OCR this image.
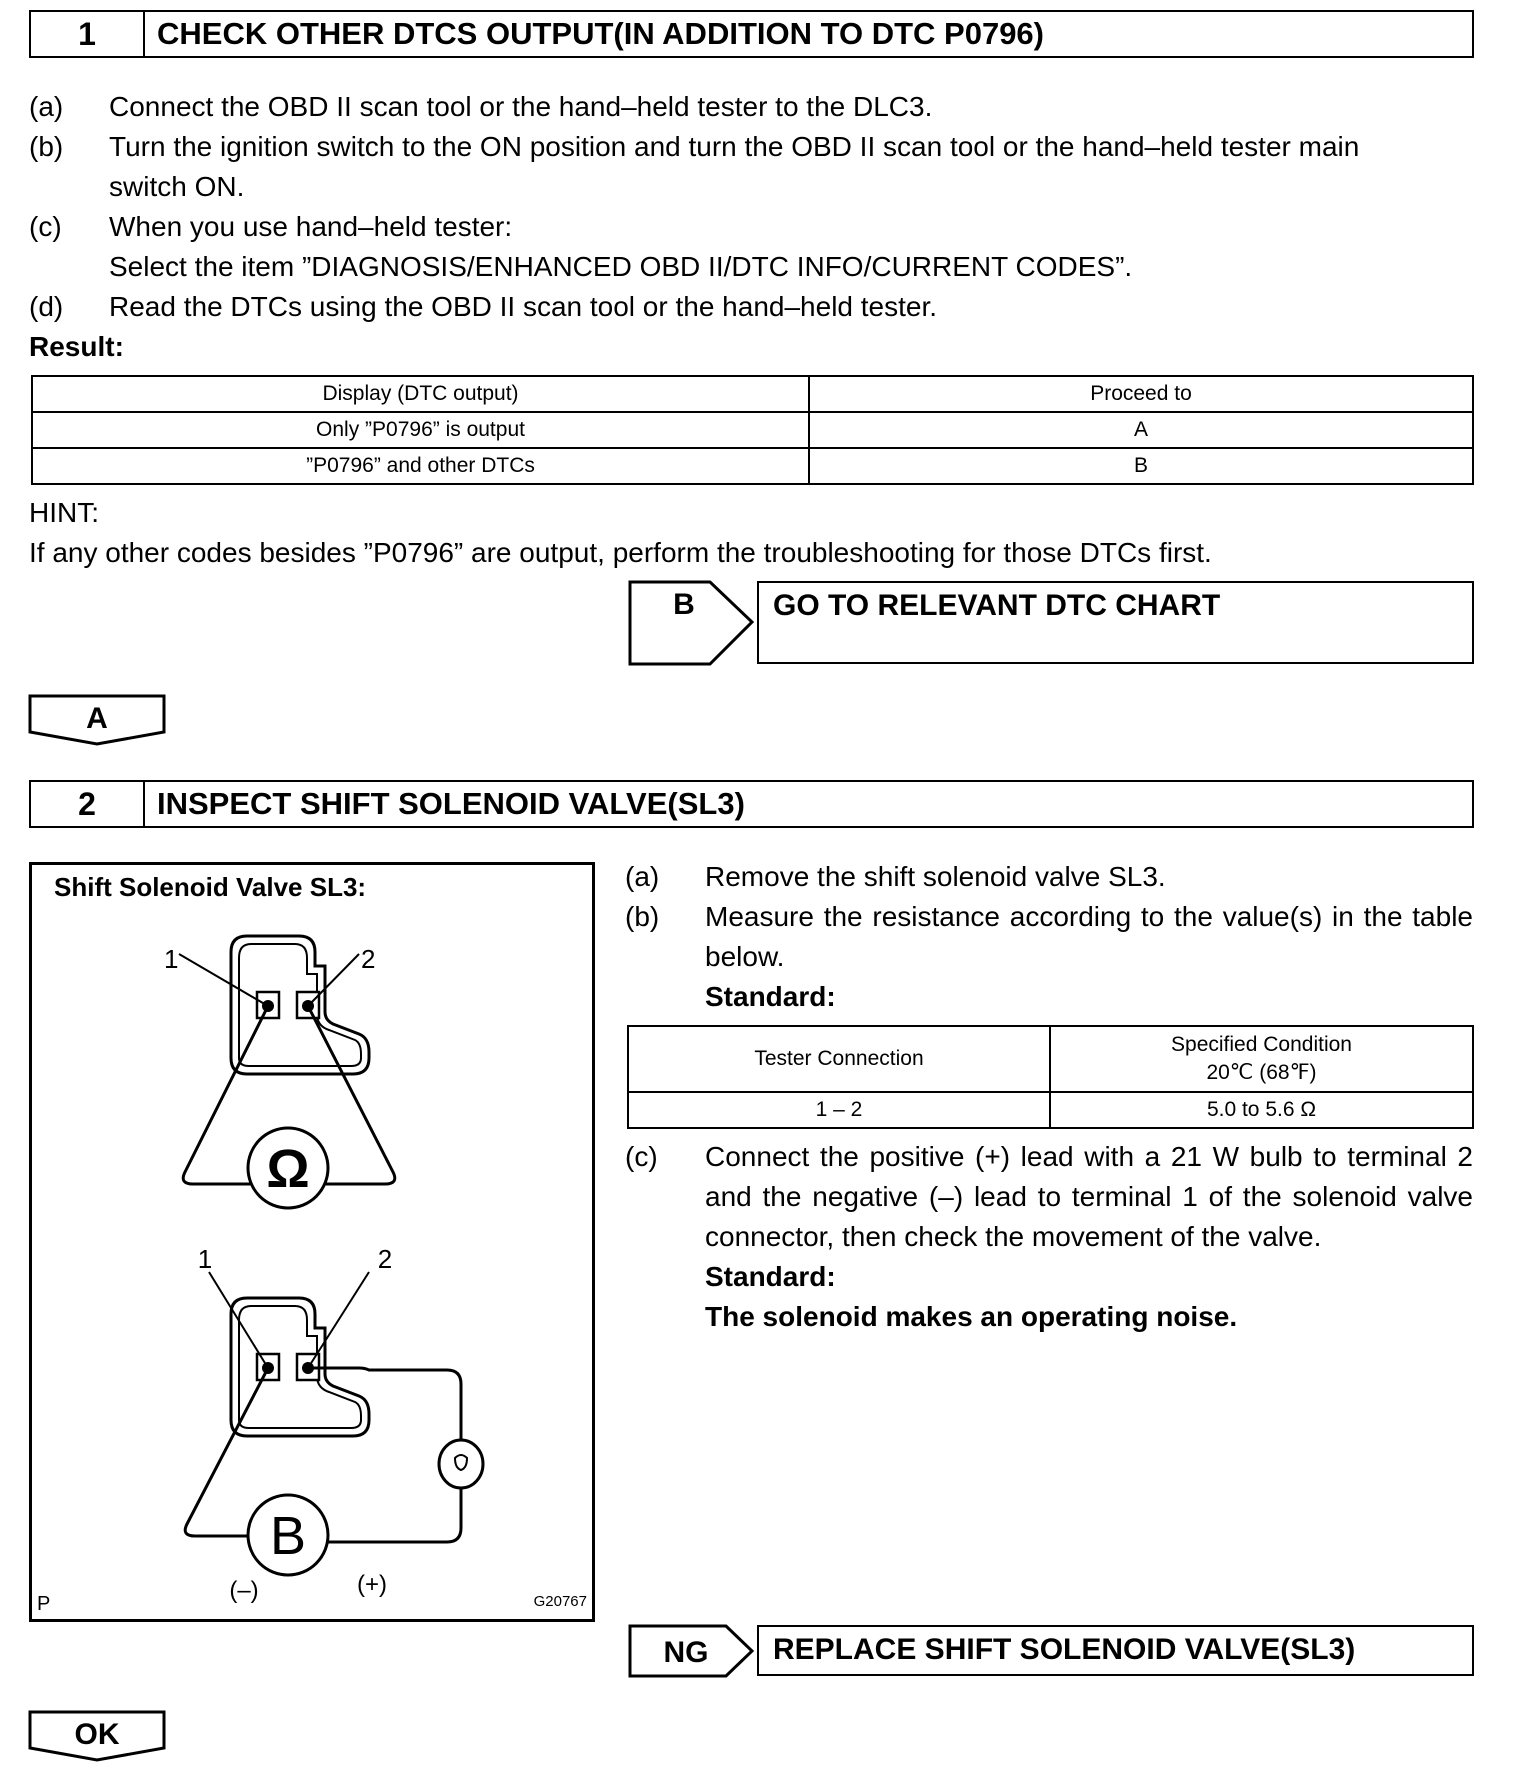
1	CHECK OTHER DTCS OUTPUT(IN ADDITION TO DTC P0796)
(a) Connect the OBD II scan tool or the hand–held tester to the DLC3.
(b) Turn the ignition switch to the ON position and turn the OBD II scan tool or the hand–held tester main
switch ON.
(c) When you use hand–held tester:
Select the item ”DIAGNOSIS/ENHANCED OBD II/DTC INFO/CURRENT CODES”.
(d) Read the DTCs using the OBD II scan tool or the hand–held tester.
Result:
Display (DTC output)	Proceed to
Only ”P0796” is output	A
”P0796” and other DTCs	B
HINT:
If any other codes besides ”P0796” are output, perform the troubleshooting for those DTCs first.
B	GO TO RELEVANT DTC CHART
A
2	INSPECT SHIFT SOLENOID VALVE(SL3)
Shift Solenoid Valve SL3:
1	2
Ω
1	2
B
(–)	(+)
P	G20767
(a) Remove the shift solenoid valve SL3.
(b) Measure the resistance according to the value(s) in the table below.
Standard:
Tester Connection	Specified Condition
20℃ (68℉)
1 – 2	5.0 to 5.6 Ω
(c) Connect the positive (+) lead with a 21 W bulb to terminal 2 and the negative (–) lead to terminal 1 of the solenoid valve connector, then check the movement of the valve.
Standard:
The solenoid makes an operating noise.
NG	REPLACE SHIFT SOLENOID VALVE(SL3)
OK
